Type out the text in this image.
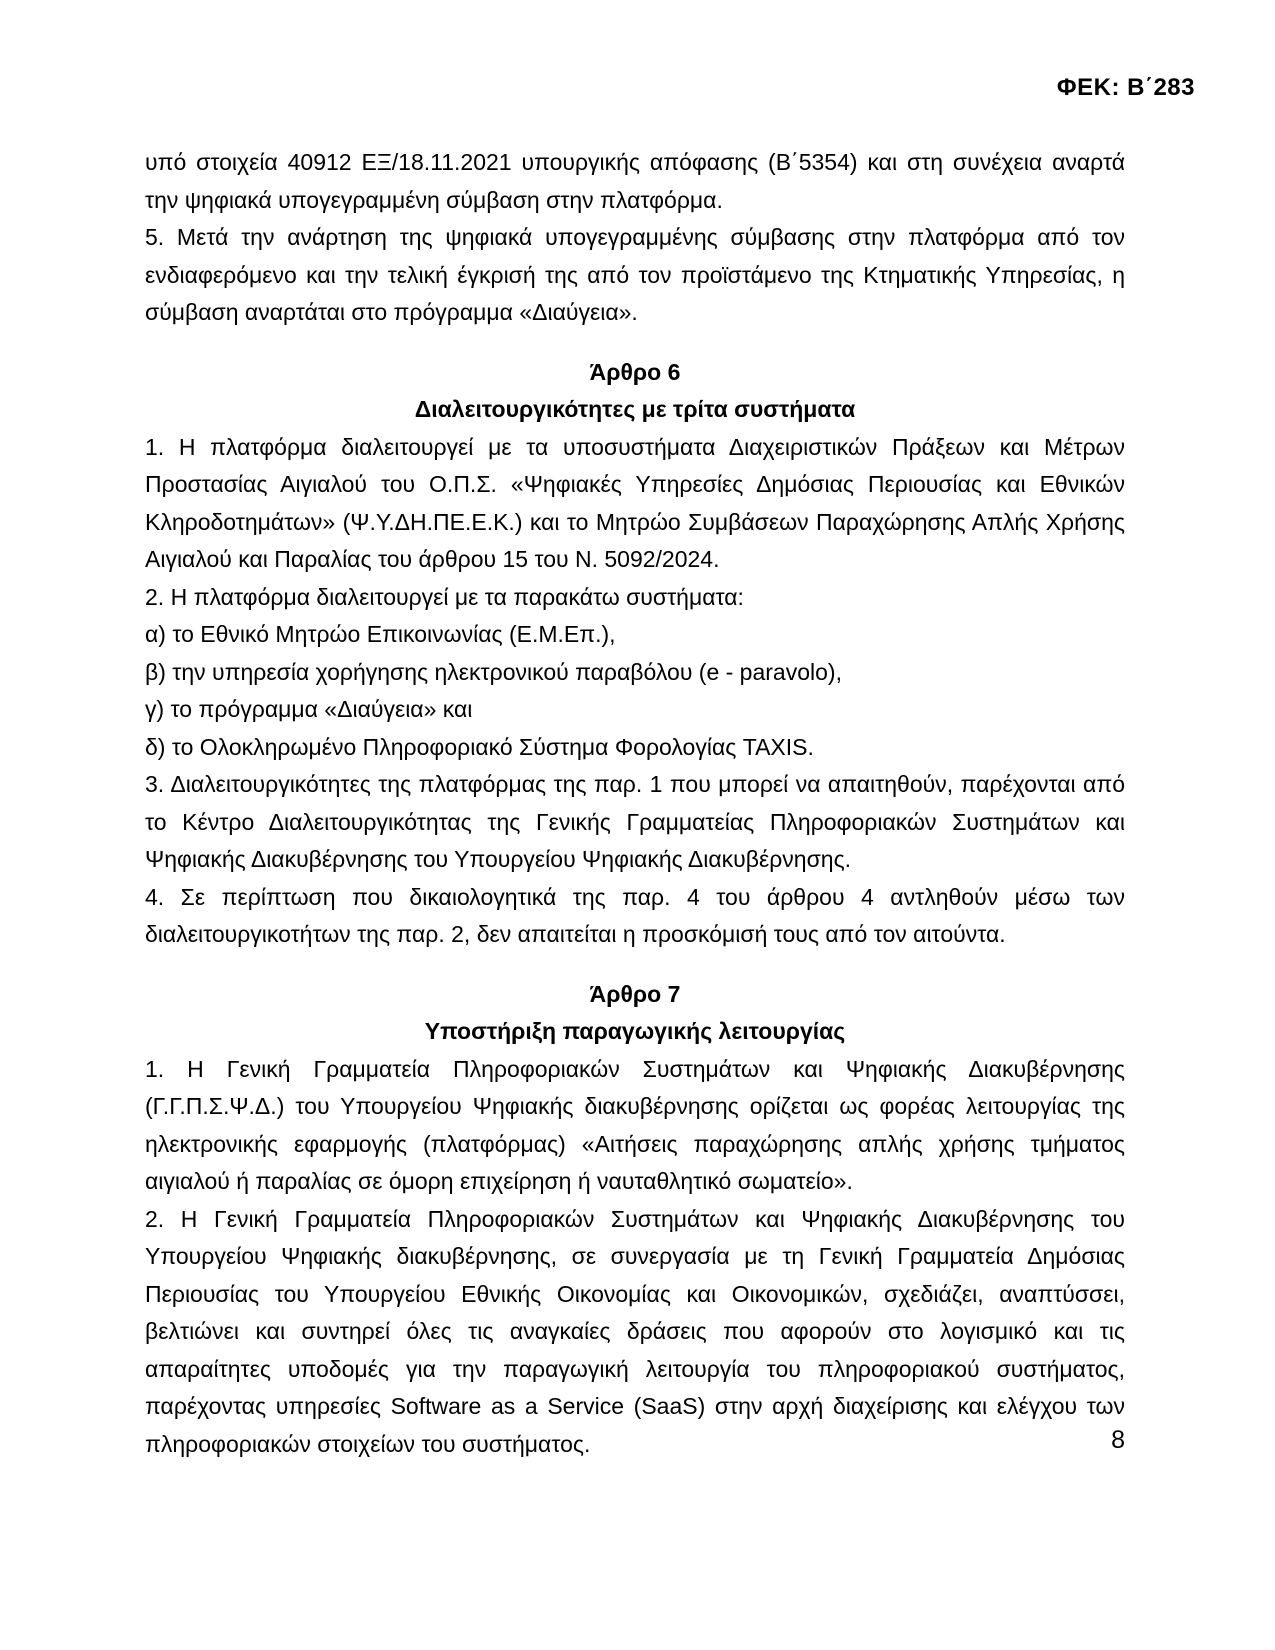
ΦΕΚ: Β΄283

υπό στοιχεία 40912 ΕΞ/18.11.2021 υπουργικής απόφασης (Β΄5354) και στη συνέχεια αναρτά την ψηφιακά υπογεγραμμένη σύμβαση στην πλατφόρμα.

5. Μετά την ανάρτηση της ψηφιακά υπογεγραμμένης σύμβασης στην πλατφόρμα από τον ενδιαφερόμενο και την τελική έγκρισή της από τον προϊστάμενο της Κτηματικής Υπηρεσίας, η σύμβαση αναρτάται στο πρόγραμμα «Διαύγεια».

Άρθρο 6

Διαλειτουργικότητες με τρίτα συστήματα

1. Η πλατφόρμα διαλειτουργεί με τα υποσυστήματα Διαχειριστικών Πράξεων και Μέτρων Προστασίας Αιγιαλού του Ο.Π.Σ. «Ψηφιακές Υπηρεσίες Δημόσιας Περιουσίας και Εθνικών Κληροδοτημάτων» (Ψ.Υ.ΔΗ.ΠΕ.Ε.Κ.) και το Μητρώο Συμβάσεων Παραχώρησης Απλής Χρήσης Αιγιαλού και Παραλίας του άρθρου 15 του Ν. 5092/2024.

2. Η πλατφόρμα διαλειτουργεί με τα παρακάτω συστήματα:

α) το Εθνικό Μητρώο Επικοινωνίας (Ε.Μ.Επ.),

β) την υπηρεσία χορήγησης ηλεκτρονικού παραβόλου (e - paravolo),

γ) το πρόγραμμα «Διαύγεια» και

δ) το Ολοκληρωμένο Πληροφοριακό Σύστημα Φορολογίας TAXIS.

3. Διαλειτουργικότητες της πλατφόρμας της παρ. 1 που μπορεί να απαιτηθούν, παρέχονται από το Κέντρο Διαλειτουργικότητας της Γενικής Γραμματείας Πληροφοριακών Συστημάτων και Ψηφιακής Διακυβέρνησης του Υπουργείου Ψηφιακής Διακυβέρνησης.

4. Σε περίπτωση που δικαιολογητικά της παρ. 4 του άρθρου 4 αντληθούν μέσω των διαλειτουργικοτήτων της παρ. 2, δεν απαιτείται η προσκόμισή τους από τον αιτούντα.

Άρθρο 7

Υποστήριξη παραγωγικής λειτουργίας

1. Η Γενική Γραμματεία Πληροφοριακών Συστημάτων και Ψηφιακής Διακυβέρνησης (Γ.Γ.Π.Σ.Ψ.Δ.) του Υπουργείου Ψηφιακής διακυβέρνησης ορίζεται ως φορέας λειτουργίας της ηλεκτρονικής εφαρμογής (πλατφόρμας) «Αιτήσεις παραχώρησης απλής χρήσης τμήματος αιγιαλού ή παραλίας σε όμορη επιχείρηση ή ναυταθλητικό σωματείο».

2. Η Γενική Γραμματεία Πληροφοριακών Συστημάτων και Ψηφιακής Διακυβέρνησης του Υπουργείου Ψηφιακής διακυβέρνησης, σε συνεργασία με τη Γενική Γραμματεία Δημόσιας Περιουσίας του Υπουργείου Εθνικής Οικονομίας και Οικονομικών, σχεδιάζει, αναπτύσσει, βελτιώνει και συντηρεί όλες τις αναγκαίες δράσεις που αφορούν στο λογισμικό και τις απαραίτητες υποδομές για την παραγωγική λειτουργία του πληροφοριακού συστήματος, παρέχοντας υπηρεσίες Software as a Service (SaaS) στην αρχή διαχείρισης και ελέγχου των πληροφοριακών στοιχείων του συστήματος.	8
